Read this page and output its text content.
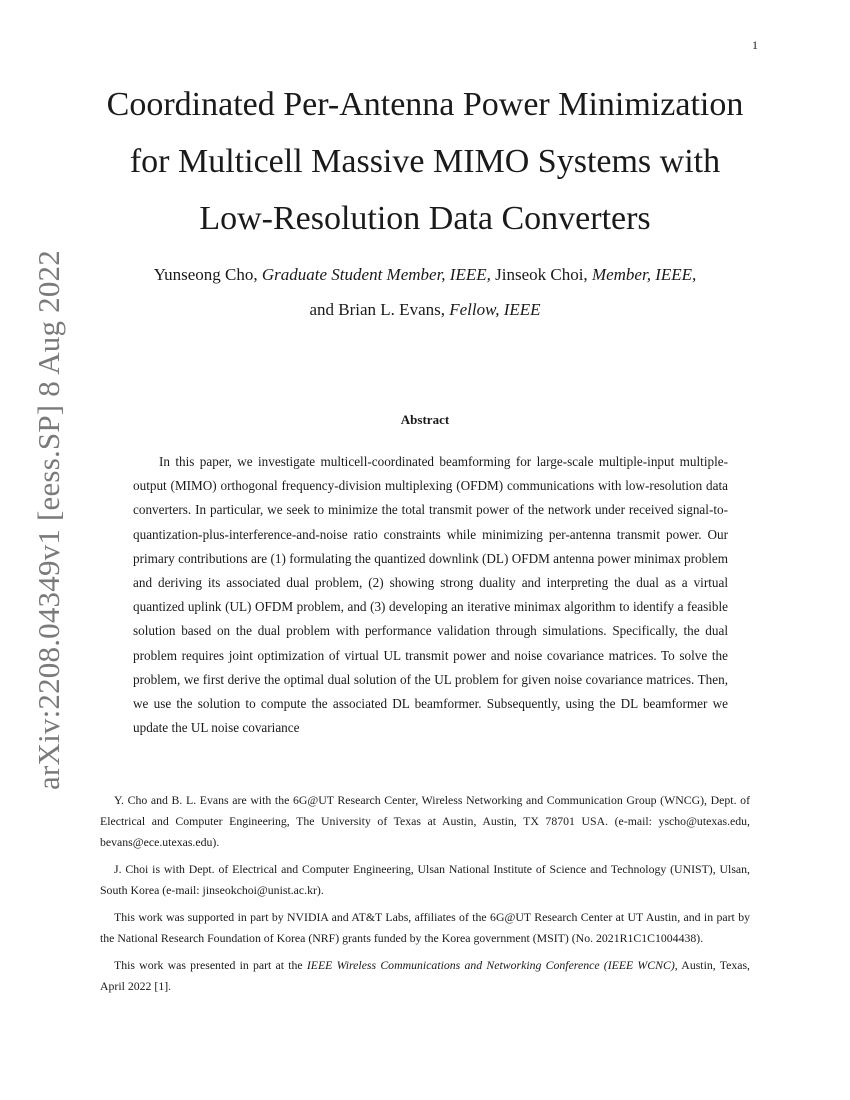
1
arXiv:2208.04349v1 [eess.SP] 8 Aug 2022
Coordinated Per-Antenna Power Minimization
for Multicell Massive MIMO Systems with
Low-Resolution Data Converters
Yunseong Cho, Graduate Student Member, IEEE, Jinseok Choi, Member, IEEE,
and Brian L. Evans, Fellow, IEEE
Abstract

In this paper, we investigate multicell-coordinated beamforming for large-scale multiple-input multiple-output (MIMO) orthogonal frequency-division multiplexing (OFDM) communications with low-resolution data converters. In particular, we seek to minimize the total transmit power of the network under received signal-to-quantization-plus-interference-and-noise ratio constraints while minimizing per-antenna transmit power. Our primary contributions are (1) formulating the quantized downlink (DL) OFDM antenna power minimax problem and deriving its associated dual problem, (2) showing strong duality and interpreting the dual as a virtual quantized uplink (UL) OFDM problem, and (3) developing an iterative minimax algorithm to identify a feasible solution based on the dual problem with performance validation through simulations. Specifically, the dual problem requires joint optimization of virtual UL transmit power and noise covariance matrices. To solve the problem, we first derive the optimal dual solution of the UL problem for given noise covariance matrices. Then, we use the solution to compute the associated DL beamformer. Subsequently, using the DL beamformer we update the UL noise covariance

Y. Cho and B. L. Evans are with the 6G@UT Research Center, Wireless Networking and Communication Group (WNCG), Dept. of Electrical and Computer Engineering, The University of Texas at Austin, Austin, TX 78701 USA. (e-mail: yscho@utexas.edu, bevans@ece.utexas.edu).

J. Choi is with Dept. of Electrical and Computer Engineering, Ulsan National Institute of Science and Technology (UNIST), Ulsan, South Korea (e-mail: jinseokchoi@unist.ac.kr).

This work was supported in part by NVIDIA and AT&T Labs, affiliates of the 6G@UT Research Center at UT Austin, and in part by the National Research Foundation of Korea (NRF) grants funded by the Korea government (MSIT) (No. 2021R1C1C1004438).

This work was presented in part at the IEEE Wireless Communications and Networking Conference (IEEE WCNC), Austin, Texas, April 2022 [1].
